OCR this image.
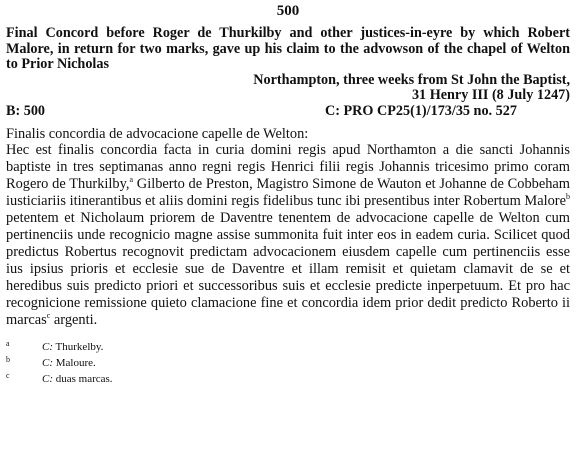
500

Final Concord before Roger de Thurkilby and other justices-in-eyre by which Robert Malore, in return for two marks, gave up his claim to the advowson of the chapel of Welton to Prior Nicholas

Northampton, three weeks from St John the Baptist,
31 Henry III (8 July 1247)
B: 500	C: PRO CP25(1)/173/35 no. 527

Finalis concordia de advocacione capelle de Welton:

Hec est finalis concordia facta in curia domini regis apud Northamton a die sancti Johannis baptiste in tres septimanas anno regni regis Henrici filii regis Johannis tricesimo primo coram Rogero de Thurkilby,$^a$ Gilberto de Preston, Magistro Simone de Wauton et Johanne de Cobbeham iusticiariis itinerantibus et aliis domini regis fidelibus tunc ibi presentibus inter Robertum Malore$^b$ petentem et Nicholaum priorem de Daventre tenentem de advocacione capelle de Welton cum pertinenciis unde recognicio magne assise summonita fuit inter eos in eadem curia. Scilicet quod predictus Robertus recognovit predictam advocacionem eiusdem capelle cum pertinenciis esse ius ipsius prioris et ecclesie sue de Daventre et illam remisit et quietam clamavit de se et heredibus suis predicto priori et successoribus suis et ecclesie predicte inperpetuum. Et pro hac recognicione remissione quieto clamacione fine et concordia idem prior dedit predicto Roberto ii marcas$^c$ argenti.

a	C: Thurkelby.
b	C: Maloure.
c	C: duas marcas.
